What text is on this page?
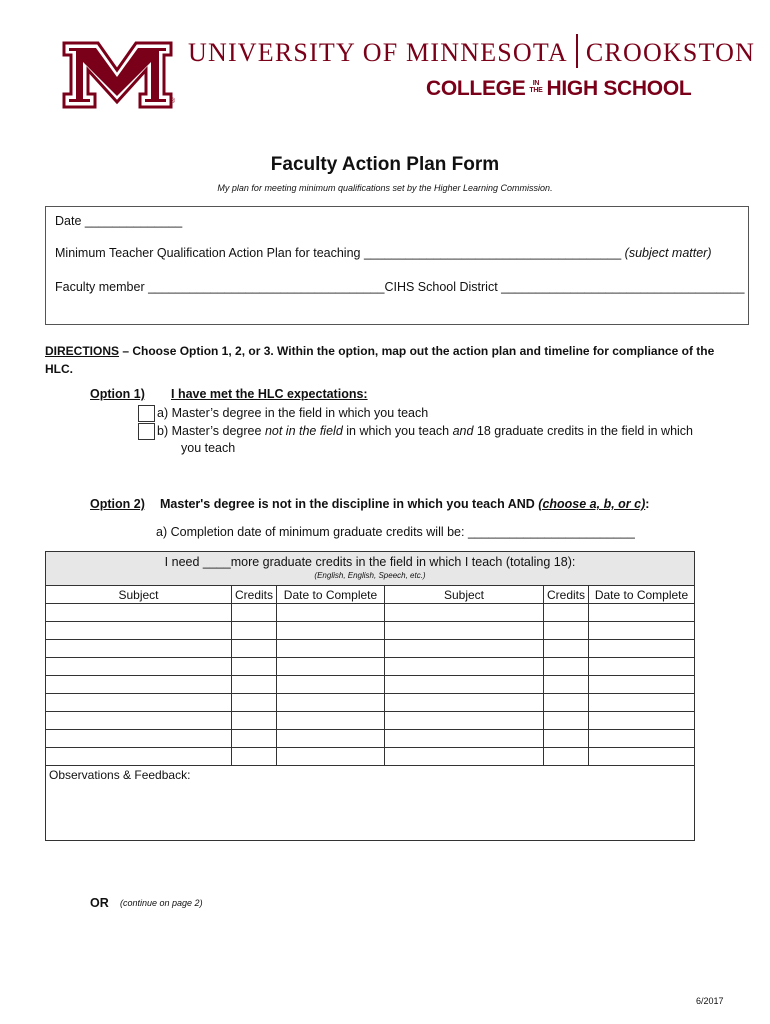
®
UNIVERSITY OF MINNESOTA CROOKSTON
COLLEGE IN
THE HIGH SCHOOL
Faculty Action Plan Form
My plan for meeting minimum qualifications set by the Higher Learning Commission.
Date ______________
Minimum Teacher Qualification Action Plan for teaching _____________________________________ (subject matter)
Faculty member __________________________________CIHS School District ___________________________________
DIRECTIONS – Choose Option 1, 2, or 3. Within the option, map out the action plan and timeline for compliance of the HLC.
Option 1) I have met the HLC expectations:
a) Master’s degree in the field in which you teach
b) Master’s degree not in the field in which you teach and 18 graduate credits in the field in which
you teach
Option 2) Master's degree is not in the discipline in which you teach AND (choose a, b, or c):
a) Completion date of minimum graduate credits will be: ________________________
I need ____more graduate credits in the field in which I teach (totaling 18):
(English, English, Speech, etc.)					

Subject	Credits	Date to Complete	Subject	Credits	Date to Complete

Observations & Feedback:					
OR (continue on page 2)
6/2017
